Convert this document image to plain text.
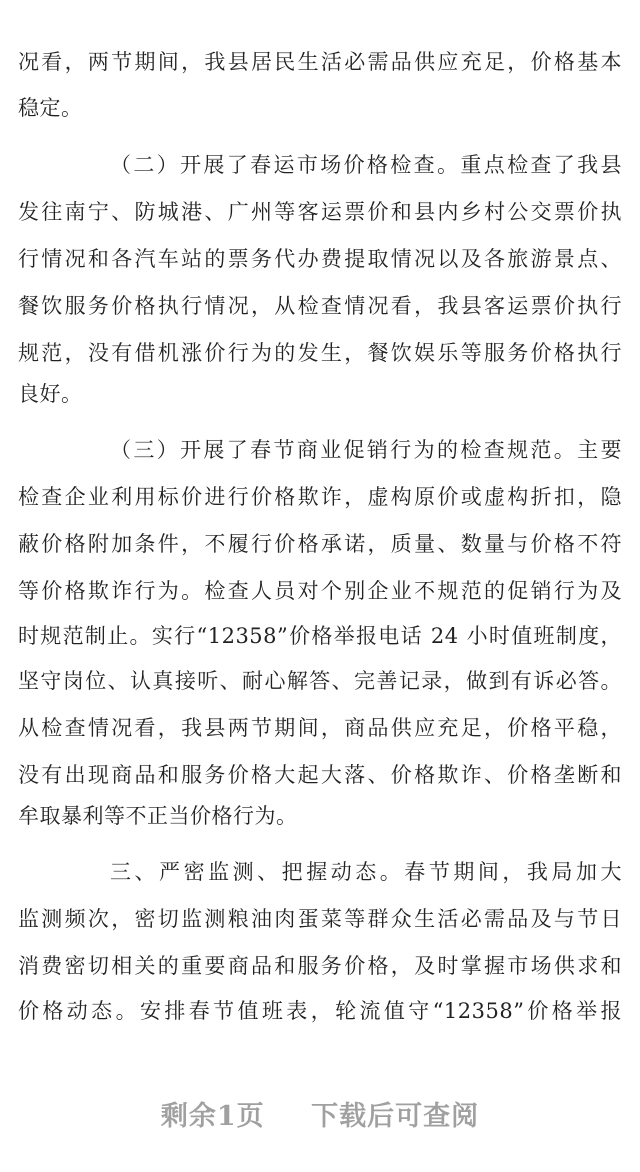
况看，两节期间，我县居民生活必需品供应充足，价格基本
稳定。
（二）开展了春运市场价格检查。重点检查了我县
发往南宁、防城港、广州等客运票价和县内乡村公交票价执
行情况和各汽车站的票务代办费提取情况以及各旅游景点、
餐饮服务价格执行情况，从检查情况看，我县客运票价执行
规范，没有借机涨价行为的发生，餐饮娱乐等服务价格执行
良好。
（三）开展了春节商业促销行为的检查规范。主要
检查企业利用标价进行价格欺诈，虚构原价或虚构折扣，隐
蔽价格附加条件，不履行价格承诺，质量、数量与价格不符
等价格欺诈行为。检查人员对个别企业不规范的促销行为及
时规范制止。实行“12358”价格举报电话 24 小时值班制度，
坚守岗位、认真接听、耐心解答、完善记录，做到有诉必答。
从检查情况看，我县两节期间，商品供应充足，价格平稳，
没有出现商品和服务价格大起大落、价格欺诈、价格垄断和
牟取暴利等不正当价格行为。
三、严密监测、把握动态。春节期间，我局加大
监测频次，密切监测粮油肉蛋菜等群众生活必需品及与节日
消费密切相关的重要商品和服务价格，及时掌握市场供求和
价格动态。安排春节值班表，轮流值守“12358”价格举报
剩余1页 下载后可查阅
